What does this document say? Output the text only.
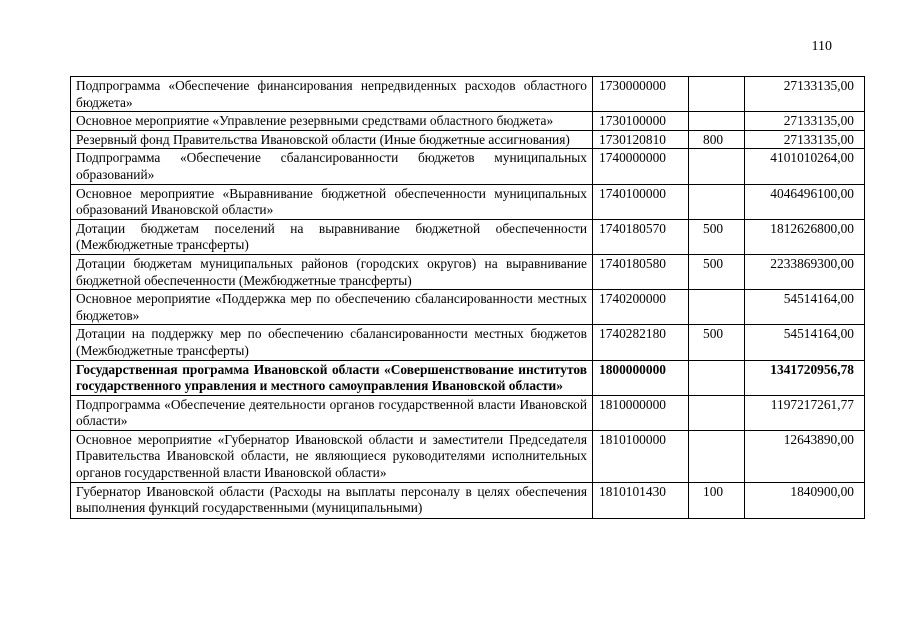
110
Подпрограмма «Обеспечение финансирования непредвиденных расходов областного бюджета»	1730000000		27133135,00
Основное мероприятие «Управление резервными средствами областного бюджета»	1730100000		27133135,00
Резервный фонд Правительства Ивановской области (Иные бюджетные ассигнования)	1730120810	800	27133135,00
Подпрограмма «Обеспечение сбалансированности бюджетов муниципальных образований»	1740000000		4101010264,00
Основное мероприятие «Выравнивание бюджетной обеспеченности муниципальных образований Ивановской области»	1740100000		4046496100,00
Дотации бюджетам поселений на выравнивание бюджетной обеспеченности (Межбюджетные трансферты)	1740180570	500	1812626800,00
Дотации бюджетам муниципальных районов (городских округов) на выравнивание бюджетной обеспеченности (Межбюджетные трансферты)	1740180580	500	2233869300,00
Основное мероприятие «Поддержка мер по обеспечению сбалансированности местных бюджетов»	1740200000		54514164,00
Дотации на поддержку мер по обеспечению сбалансированности местных бюджетов (Межбюджетные трансферты)	1740282180	500	54514164,00
Государственная программа Ивановской области «Совершенствование институтов государственного управления и местного самоуправления Ивановской области»	1800000000		1341720956,78
Подпрограмма «Обеспечение деятельности органов государственной власти Ивановской области»	1810000000		1197217261,77
Основное мероприятие «Губернатор Ивановской области и заместители Председателя Правительства Ивановской области, не являющиеся руководителями исполнительных органов государственной власти Ивановской области»	1810100000		12643890,00
Губернатор Ивановской области (Расходы на выплаты персоналу в целях обеспечения выполнения функций государственными (муниципальными)	1810101430	100	1840900,00
